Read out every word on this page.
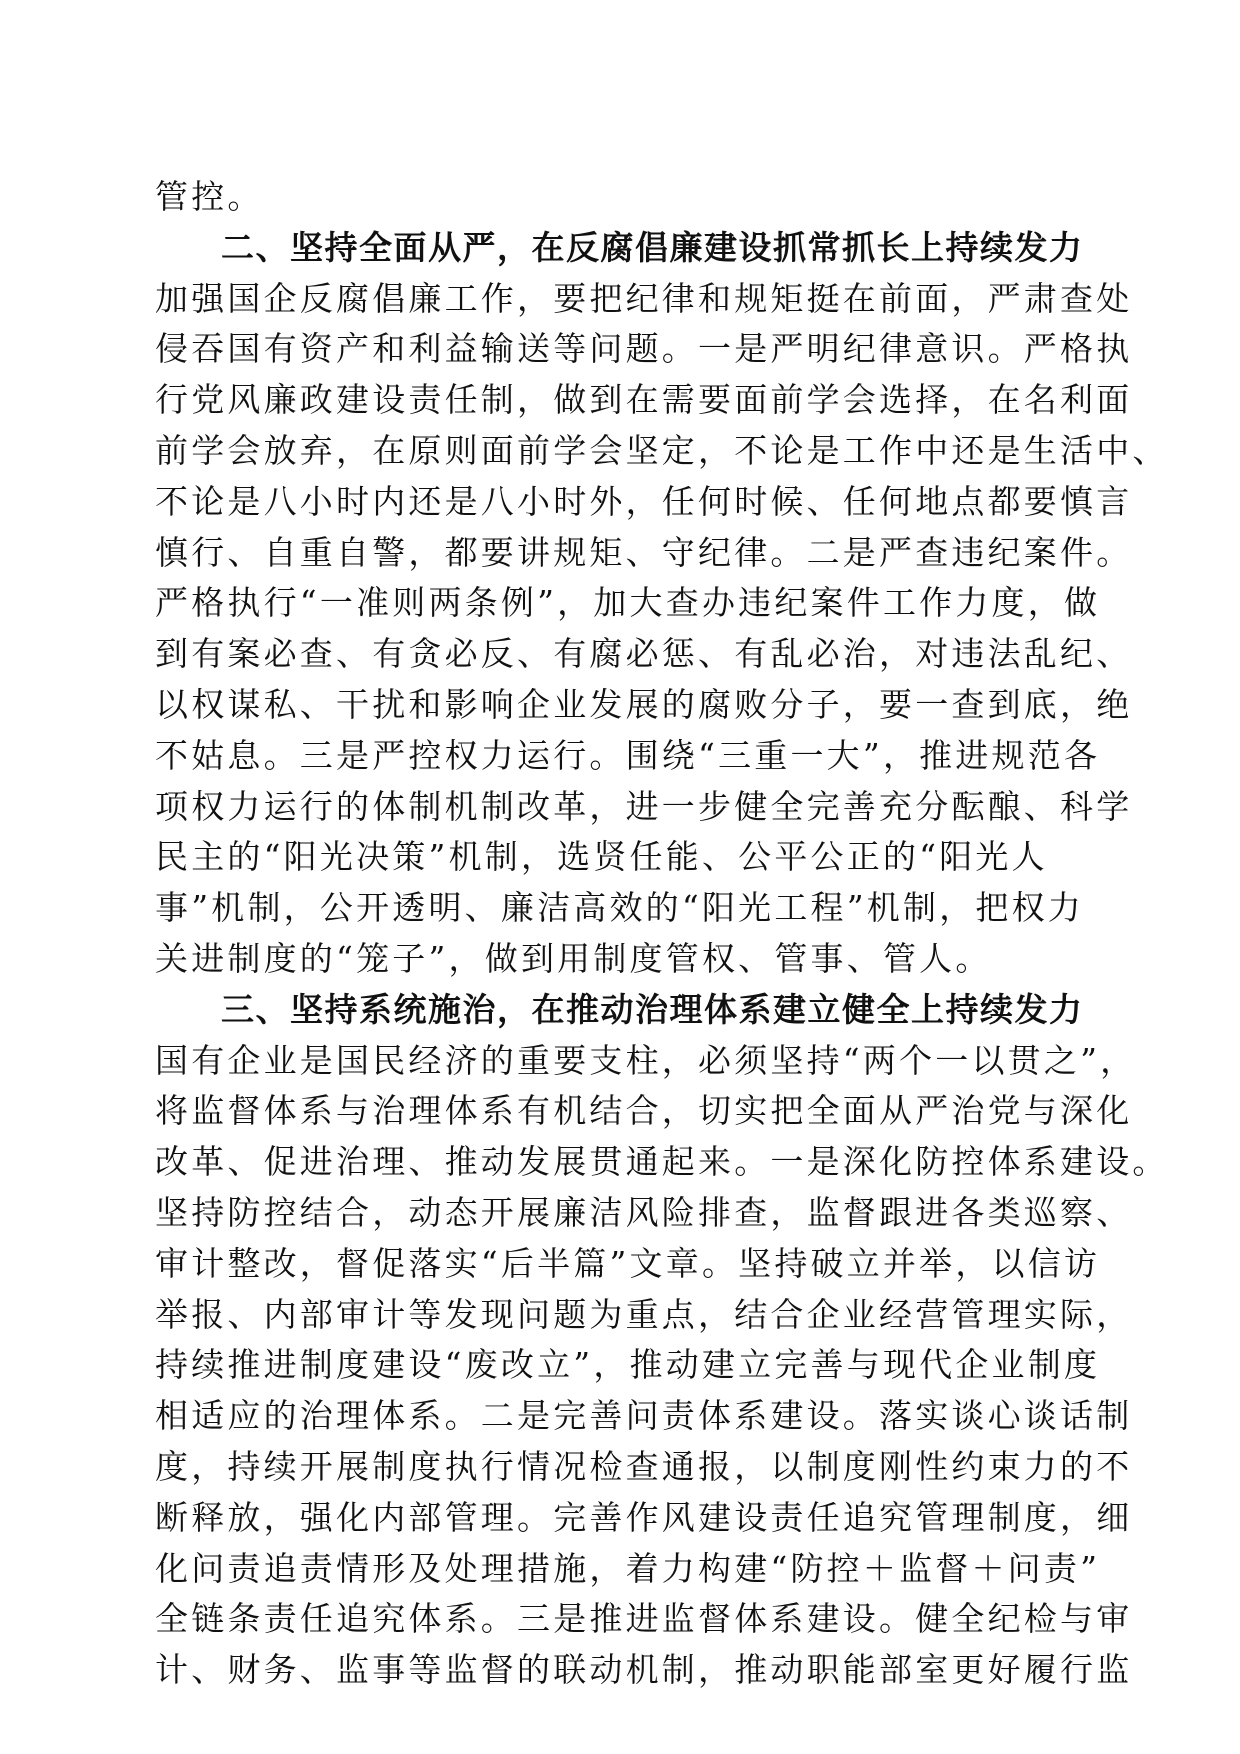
管控。
二、坚持全面从严，在反腐倡廉建设抓常抓长上持续发力
加强国企反腐倡廉工作，要把纪律和规矩挺在前面，严肃查处
侵吞国有资产和利益输送等问题。一是严明纪律意识。严格执
行党风廉政建设责任制，做到在需要面前学会选择，在名利面
前学会放弃，在原则面前学会坚定，不论是工作中还是生活中、
不论是八小时内还是八小时外，任何时候、任何地点都要慎言
慎行、自重自警，都要讲规矩、守纪律。二是严查违纪案件。
严格执行“一准则两条例”，加大查办违纪案件工作力度，做
到有案必查、有贪必反、有腐必惩、有乱必治，对违法乱纪、
以权谋私、干扰和影响企业发展的腐败分子，要一查到底，绝
不姑息。三是严控权力运行。围绕“三重一大”，推进规范各
项权力运行的体制机制改革，进一步健全完善充分酝酿、科学
民主的“阳光决策”机制，选贤任能、公平公正的“阳光人
事”机制，公开透明、廉洁高效的“阳光工程”机制，把权力
关进制度的“笼子”，做到用制度管权、管事、管人。
三、坚持系统施治，在推动治理体系建立健全上持续发力
国有企业是国民经济的重要支柱，必须坚持“两个一以贯之”，
将监督体系与治理体系有机结合，切实把全面从严治党与深化
改革、促进治理、推动发展贯通起来。一是深化防控体系建设。
坚持防控结合，动态开展廉洁风险排查，监督跟进各类巡察、
审计整改，督促落实“后半篇”文章。坚持破立并举，以信访
举报、内部审计等发现问题为重点，结合企业经营管理实际，
持续推进制度建设“废改立”，推动建立完善与现代企业制度
相适应的治理体系。二是完善问责体系建设。落实谈心谈话制
度，持续开展制度执行情况检查通报，以制度刚性约束力的不
断释放，强化内部管理。完善作风建设责任追究管理制度，细
化问责追责情形及处理措施，着力构建“防控＋监督＋问责”
全链条责任追究体系。三是推进监督体系建设。健全纪检与审
计、财务、监事等监督的联动机制，推动职能部室更好履行监
